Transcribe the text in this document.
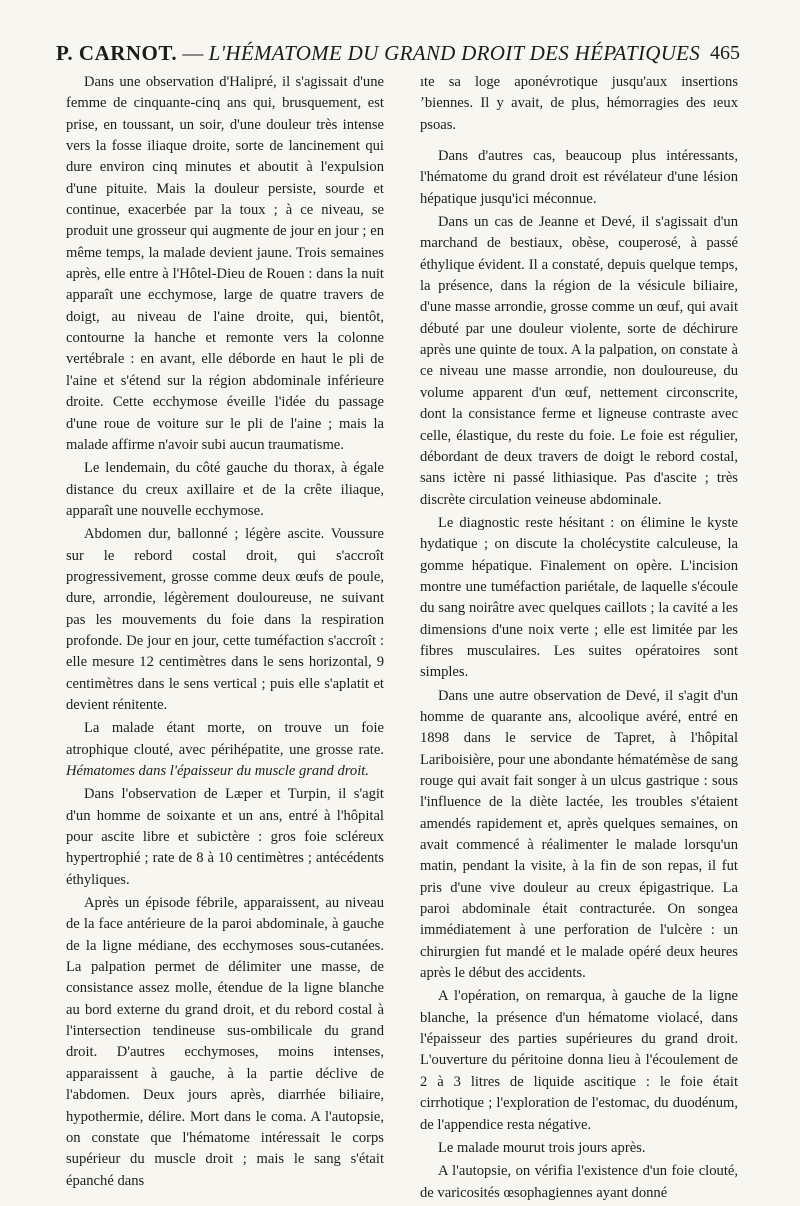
P. CARNOT. — L'HÉMATOME DU GRAND DROIT DES HÉPATIQUES 465

Dans une observation d'Halipré, il s'agissait d'une femme de cinquante-cinq ans qui, brusquement, est prise, en toussant, un soir, d'une douleur très intense vers la fosse iliaque droite, sorte de lancinement qui dure environ cinq minutes et aboutit à l'expulsion d'une pituite. Mais la douleur persiste, sourde et continue, exacerbée par la toux ; à ce niveau, se produit une grosseur qui augmente de jour en jour ; en même temps, la malade devient jaune. Trois semaines après, elle entre à l'Hôtel-Dieu de Rouen : dans la nuit apparaît une ecchymose, large de quatre travers de doigt, au niveau de l'aine droite, qui, bientôt, contourne la hanche et remonte vers la colonne vertébrale : en avant, elle déborde en haut le pli de l'aine et s'étend sur la région abdominale inférieure droite. Cette ecchymose éveille l'idée du passage d'une roue de voiture sur le pli de l'aine ; mais la malade affirme n'avoir subi aucun traumatisme.

Le lendemain, du côté gauche du thorax, à égale distance du creux axillaire et de la crête iliaque, apparaît une nouvelle ecchymose.

Abdomen dur, ballonné ; légère ascite. Voussure sur le rebord costal droit, qui s'accroît progressivement, grosse comme deux œufs de poule, dure, arrondie, légèrement douloureuse, ne suivant pas les mouvements du foie dans la respiration profonde. De jour en jour, cette tuméfaction s'accroît : elle mesure 12 centimètres dans le sens horizontal, 9 centimètres dans le sens vertical ; puis elle s'aplatit et devient rénitente.

La malade étant morte, on trouve un foie atrophique clouté, avec périhépatite, une grosse rate. Hématomes dans l'épaisseur du muscle grand droit.

Dans l'observation de Læper et Turpin, il s'agit d'un homme de soixante et un ans, entré à l'hôpital pour ascite libre et subictère : gros foie scléreux hypertrophié ; rate de 8 à 10 centimètres ; antécédents éthyliques.

Après un épisode fébrile, apparaissent, au niveau de la face antérieure de la paroi abdominale, à gauche de la ligne médiane, des ecchymoses sous-cutanées. La palpation permet de délimiter une masse, de consistance assez molle, étendue de la ligne blanche au bord externe du grand droit, et du rebord costal à l'intersection tendineuse sus-ombilicale du grand droit. D'autres ecchymoses, moins intenses, apparaissent à gauche, à la partie déclive de l'abdomen. Deux jours après, diarrhée biliaire, hypothermie, délire. Mort dans le coma. A l'autopsie, on constate que l'hématome intéressait le corps supérieur du muscle droit ; mais le sang s'était épanché dans

ıte sa loge aponévrotique jusqu'aux insertions ʼbiennes. Il y avait, de plus, hémorragies des ıeux psoas.

Dans d'autres cas, beaucoup plus intéressants, l'hématome du grand droit est révélateur d'une lésion hépatique jusqu'ici méconnue.

Dans un cas de Jeanne et Devé, il s'agissait d'un marchand de bestiaux, obèse, couperosé, à passé éthylique évident. Il a constaté, depuis quelque temps, la présence, dans la région de la vésicule biliaire, d'une masse arrondie, grosse comme un œuf, qui avait débuté par une douleur violente, sorte de déchirure après une quinte de toux. A la palpation, on constate à ce niveau une masse arrondie, non douloureuse, du volume apparent d'un œuf, nettement circonscrite, dont la consistance ferme et ligneuse contraste avec celle, élastique, du reste du foie. Le foie est régulier, débordant de deux travers de doigt le rebord costal, sans ictère ni passé lithiasique. Pas d'ascite ; très discrète circulation veineuse abdominale.

Le diagnostic reste hésitant : on élimine le kyste hydatique ; on discute la cholécystite calculeuse, la gomme hépatique. Finalement on opère. L'incision montre une tuméfaction pariétale, de laquelle s'écoule du sang noirâtre avec quelques caillots ; la cavité a les dimensions d'une noix verte ; elle est limitée par les fibres musculaires. Les suites opératoires sont simples.

Dans une autre observation de Devé, il s'agit d'un homme de quarante ans, alcoolique avéré, entré en 1898 dans le service de Tapret, à l'hôpital Lariboisière, pour une abondante hématémèse de sang rouge qui avait fait songer à un ulcus gastrique : sous l'influence de la diète lactée, les troubles s'étaient amendés rapidement et, après quelques semaines, on avait commencé à réalimenter le malade lorsqu'un matin, pendant la visite, à la fin de son repas, il fut pris d'une vive douleur au creux épigastrique. La paroi abdominale était contracturée. On songea immédiatement à une perforation de l'ulcère : un chirurgien fut mandé et le malade opéré deux heures après le début des accidents.

A l'opération, on remarqua, à gauche de la ligne blanche, la présence d'un hématome violacé, dans l'épaisseur des parties supérieures du grand droit. L'ouverture du péritoine donna lieu à l'écoulement de 2 à 3 litres de liquide ascitique : le foie était cirrhotique ; l'exploration de l'estomac, du duodénum, de l'appendice resta négative.

Le malade mourut trois jours après.

A l'autopsie, on vérifia l'existence d'un foie clouté, de varicosités œsophagiennes ayant donné
